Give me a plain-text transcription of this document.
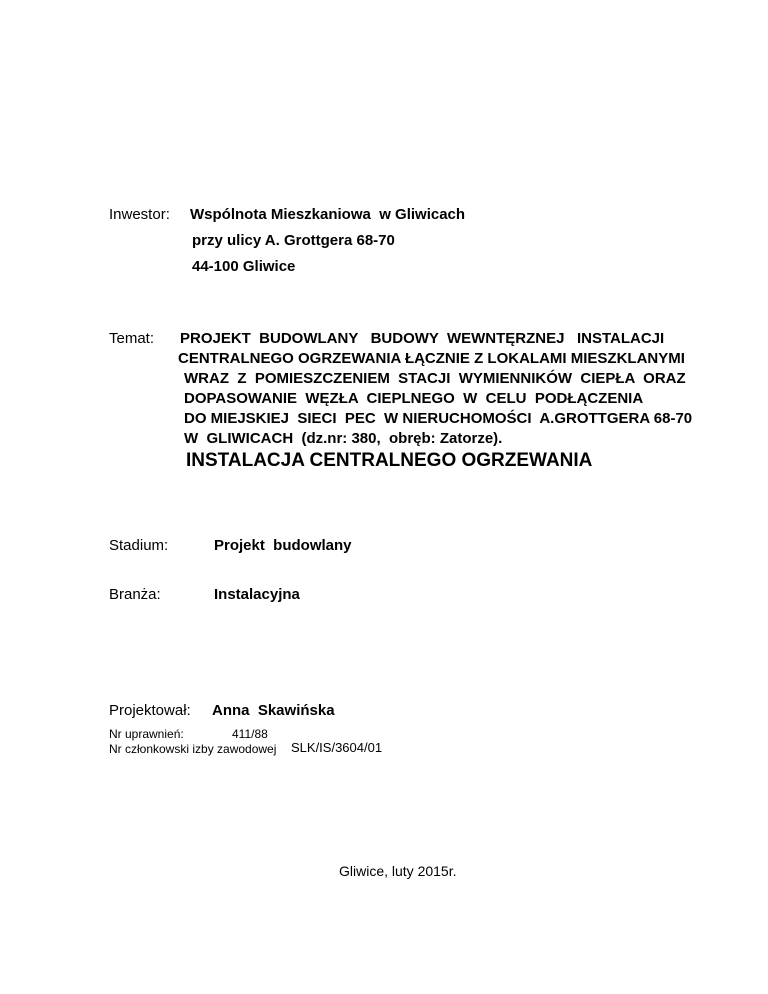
Inwestor: Wspólnota Mieszkaniowa  w Gliwicach
przy ulicy A. Grottgera 68-70
44-100 Gliwice
Temat: PROJEKT  BUDOWLANY   BUDOWY  WEWNTĘRZNEJ   INSTALACJI
CENTRALNEGO OGRZEWANIA ŁĄCZNIE Z LOKALAMI MIESZKLANYMI
WRAZ  Z  POMIESZCZENIEM  STACJI  WYMIENNIKÓW  CIEPŁA  ORAZ
DOPASOWANIE  WĘZŁA  CIEPLNEGO  W  CELU  PODŁĄCZENIA
DO MIEJSKIEJ  SIECI  PEC  W NIERUCHOMOŚCI  A.GROTTGERA 68-70
W  GLIWICACH  (dz.nr: 380,  obręb: Zatorze).
INSTALACJA CENTRALNEGO OGRZEWANIA
Stadium:	Projekt  budowlany
Branża:	Instalacyjna
Projektował: Anna  Skawińska
Nr uprawnień:	411/88
Nr członkowski izby zawodowej SLK/IS/3604/01
Gliwice, luty 2015r.
